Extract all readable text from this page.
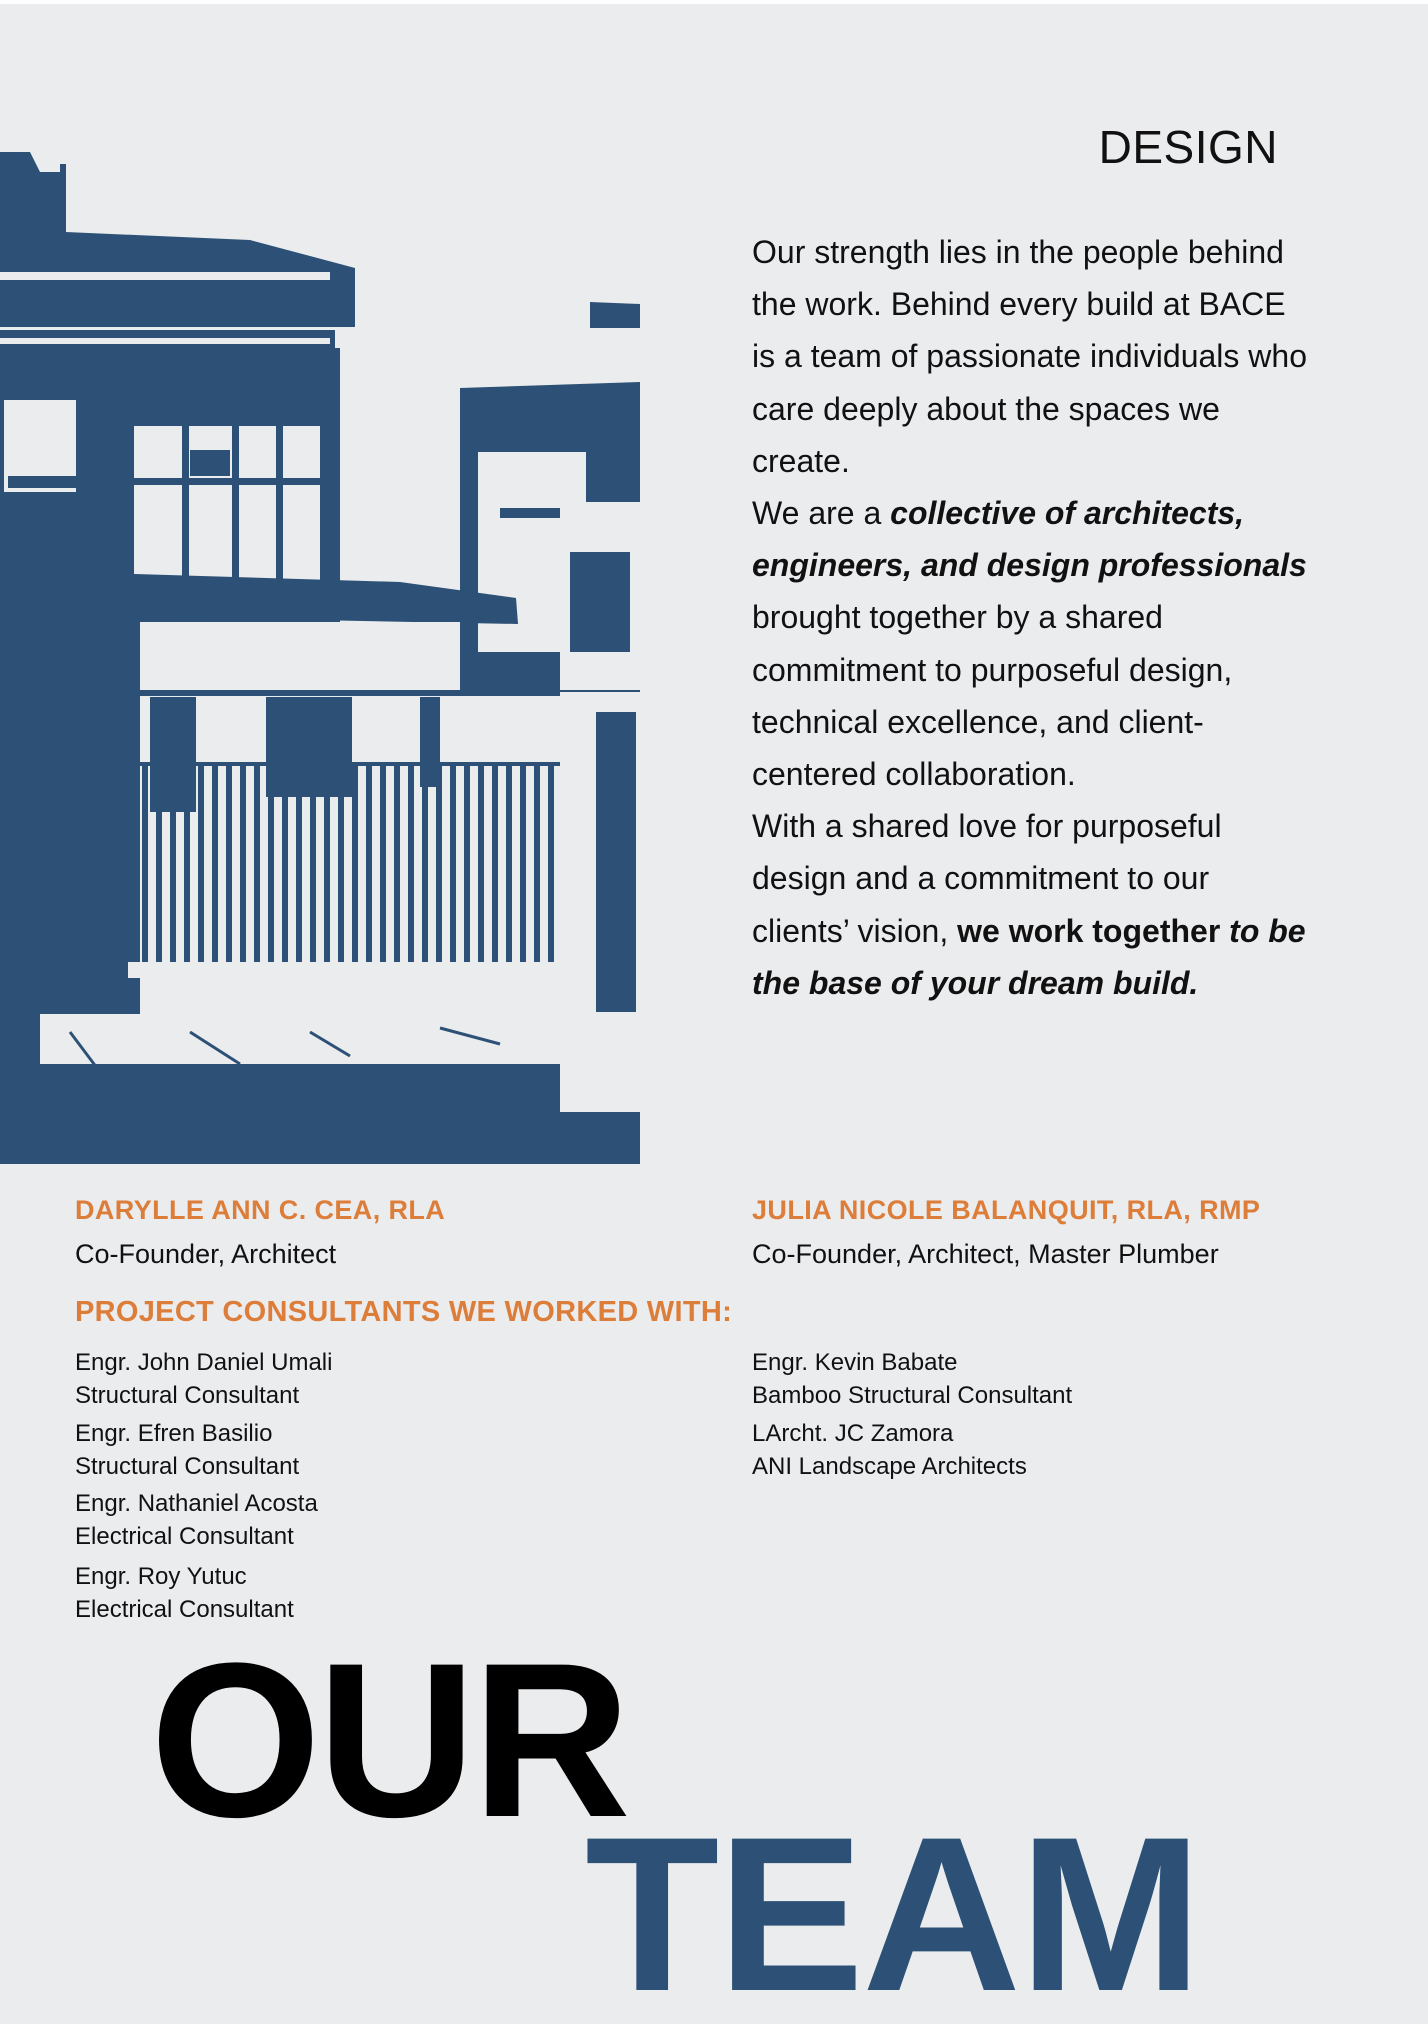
DESIGN

Our strength lies in the people behind the work. Behind every build at BACE is a team of passionate individuals who care deeply about the spaces we create.

We are a collective of architects, engineers, and design professionals brought together by a shared commitment to purposeful design, technical excellence, and client-centered collaboration.

With a shared love for purposeful design and a commitment to our clients’ vision, we work together to be the base of your dream build.

DARYLLE ANN C. CEA, RLA
Co-Founder, Architect
JULIA NICOLE BALANQUIT, RLA, RMP
Co-Founder, Architect, Master Plumber
PROJECT CONSULTANTS WE WORKED WITH:
Engr. John Daniel Umali
Structural Consultant
Engr. Efren Basilio
Structural Consultant
Engr. Nathaniel Acosta
Electrical Consultant
Engr. Roy Yutuc
Electrical Consultant
Engr. Kevin Babate
Bamboo Structural Consultant
LArcht. JC Zamora
ANI Landscape Architects
OUR
TEAM
